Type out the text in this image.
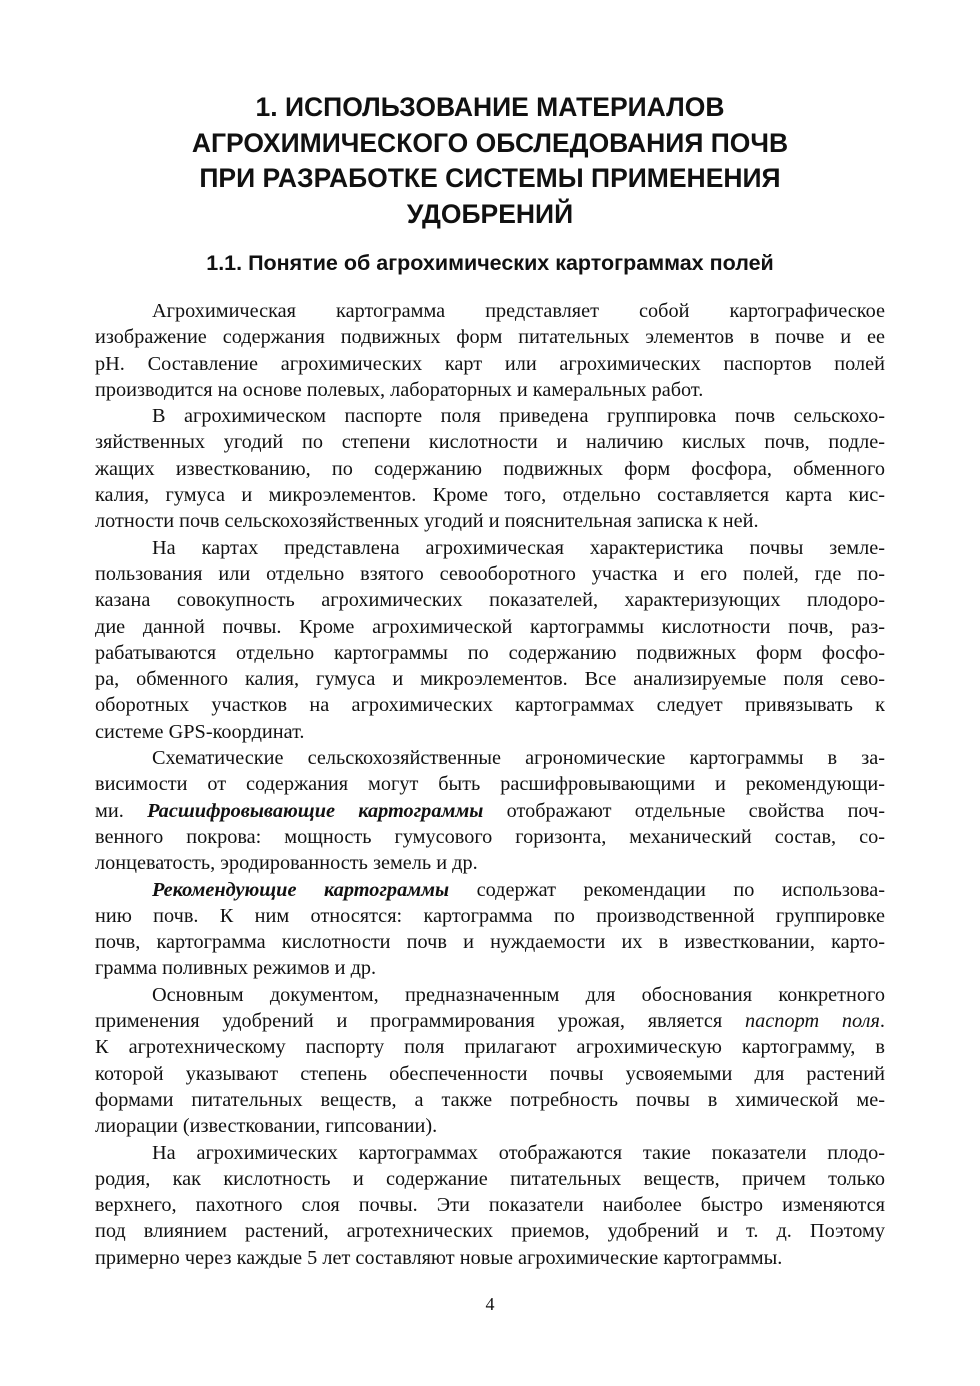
1. ИСПОЛЬЗОВАНИЕ МАТЕРИАЛОВ
АГРОХИМИЧЕСКОГО ОБСЛЕДОВАНИЯ ПОЧВ
ПРИ РАЗРАБОТКЕ СИСТЕМЫ ПРИМЕНЕНИЯ
УДОБРЕНИЙ
1.1. Понятие об агрохимических картограммах полей

Агрохимическая картограмма представляет собой картографическое
изображение содержания подвижных форм питательных элементов в почве и ее
pH. Составление агрохимических карт или агрохимических паспортов полей
производится на основе полевых, лабораторных и камеральных работ.

В агрохимическом паспорте поля приведена группировка почв сельскохо-
зяйственных угодий по степени кислотности и наличию кислых почв, подле-
жащих известкованию, по содержанию подвижных форм фосфора, обменного
калия, гумуса и микроэлементов. Кроме того, отдельно составляется карта кис-
лотности почв сельскохозяйственных угодий и пояснительная записка к ней.

На картах представлена агрохимическая характеристика почвы земле-
пользования или отдельно взятого севооборотного участка и его полей, где по-
казана совокупность агрохимических показателей, характеризующих плодоро-
дие данной почвы. Кроме агрохимической картограммы кислотности почв, раз-
рабатываются отдельно картограммы по содержанию подвижных форм фосфо-
ра, обменного калия, гумуса и микроэлементов. Все анализируемые поля сево-
оборотных участков на агрохимических картограммах следует привязывать к
системе GPS-координат.

Схематические сельскохозяйственные агрономические картограммы в за-
висимости от содержания могут быть расшифровывающими и рекомендующи-
ми. Расшифровывающие картограммы отображают отдельные свойства поч-
венного покрова: мощность гумусового горизонта, механический состав, со-
лонцеватость, эродированность земель и др.

Рекомендующие картограммы содержат рекомендации по использова-
нию почв. К ним относятся: картограмма по производственной группировке
почв, картограмма кислотности почв и нуждаемости их в известковании, карто-
грамма поливных режимов и др.

Основным документом, предназначенным для обоснования конкретного
применения удобрений и программирования урожая, является паспорт поля.
К агротехническому паспорту поля прилагают агрохимическую картограмму, в
которой указывают степень обеспеченности почвы усвояемыми для растений
формами питательных веществ, а также потребность почвы в химической ме-
лиорации (известковании, гипсовании).

На агрохимических картограммах отображаются такие показатели плодо-
родия, как кислотность и содержание питательных веществ, причем только
верхнего, пахотного слоя почвы. Эти показатели наиболее быстро изменяются
под влиянием растений, агротехнических приемов, удобрений и т. д. Поэтому
примерно через каждые 5 лет составляют новые агрохимические картограммы.

4
